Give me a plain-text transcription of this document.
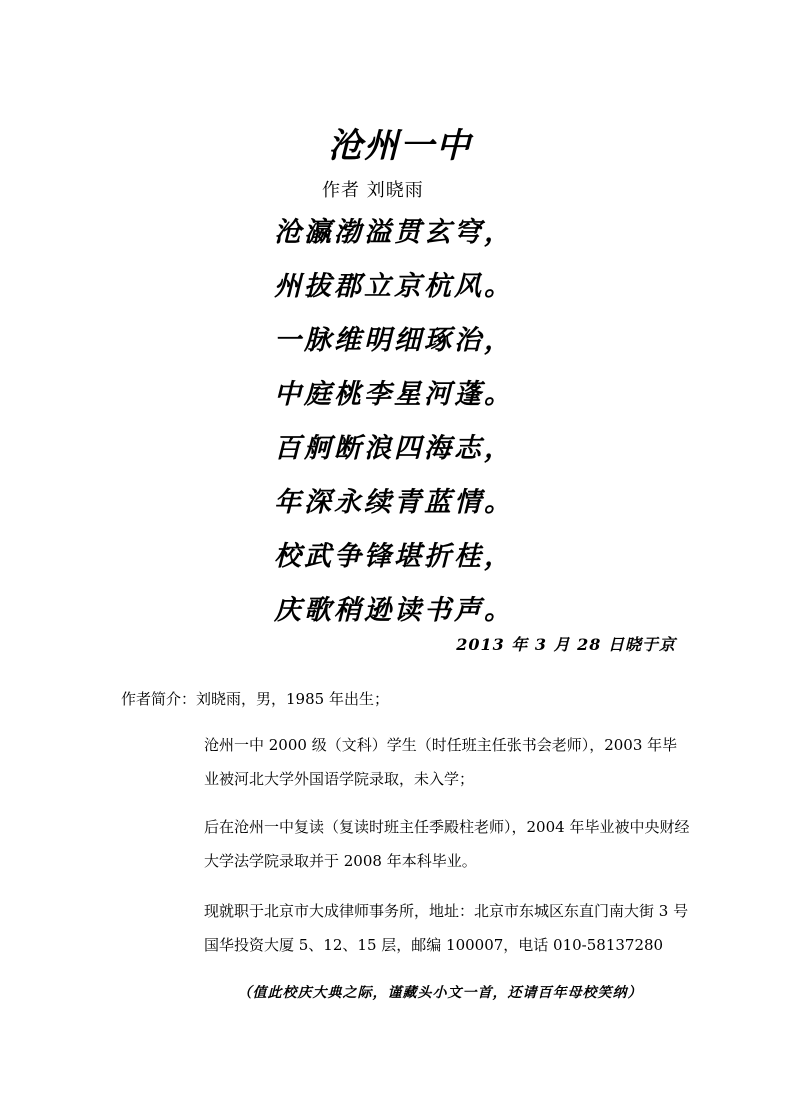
沧州一中
作者 刘晓雨
沧瀛渤溢贯玄穹，
州拔郡立京杭风。
一脉维明细琢治，
中庭桃李星河蓬。
百舸断浪四海志，
年深永续青蓝情。
校武争锋堪折桂，
庆歌稍逊读书声。
2013 年 3 月 28 日晓于京
作者简介：刘晓雨，男，1985 年出生；

沧州一中 2000 级（文科）学生（时任班主任张书会老师），2003 年毕业被河北大学外国语学院录取，未入学；

后在沧州一中复读（复读时班主任季殿柱老师），2004 年毕业被中央财经大学法学院录取并于 2008 年本科毕业。

现就职于北京市大成律师事务所，地址：北京市东城区东直门南大街 3 号国华投资大厦 5、12、15 层，邮编 100007，电话 010-58137280

（值此校庆大典之际，谨藏头小文一首，还请百年母校笑纳）
